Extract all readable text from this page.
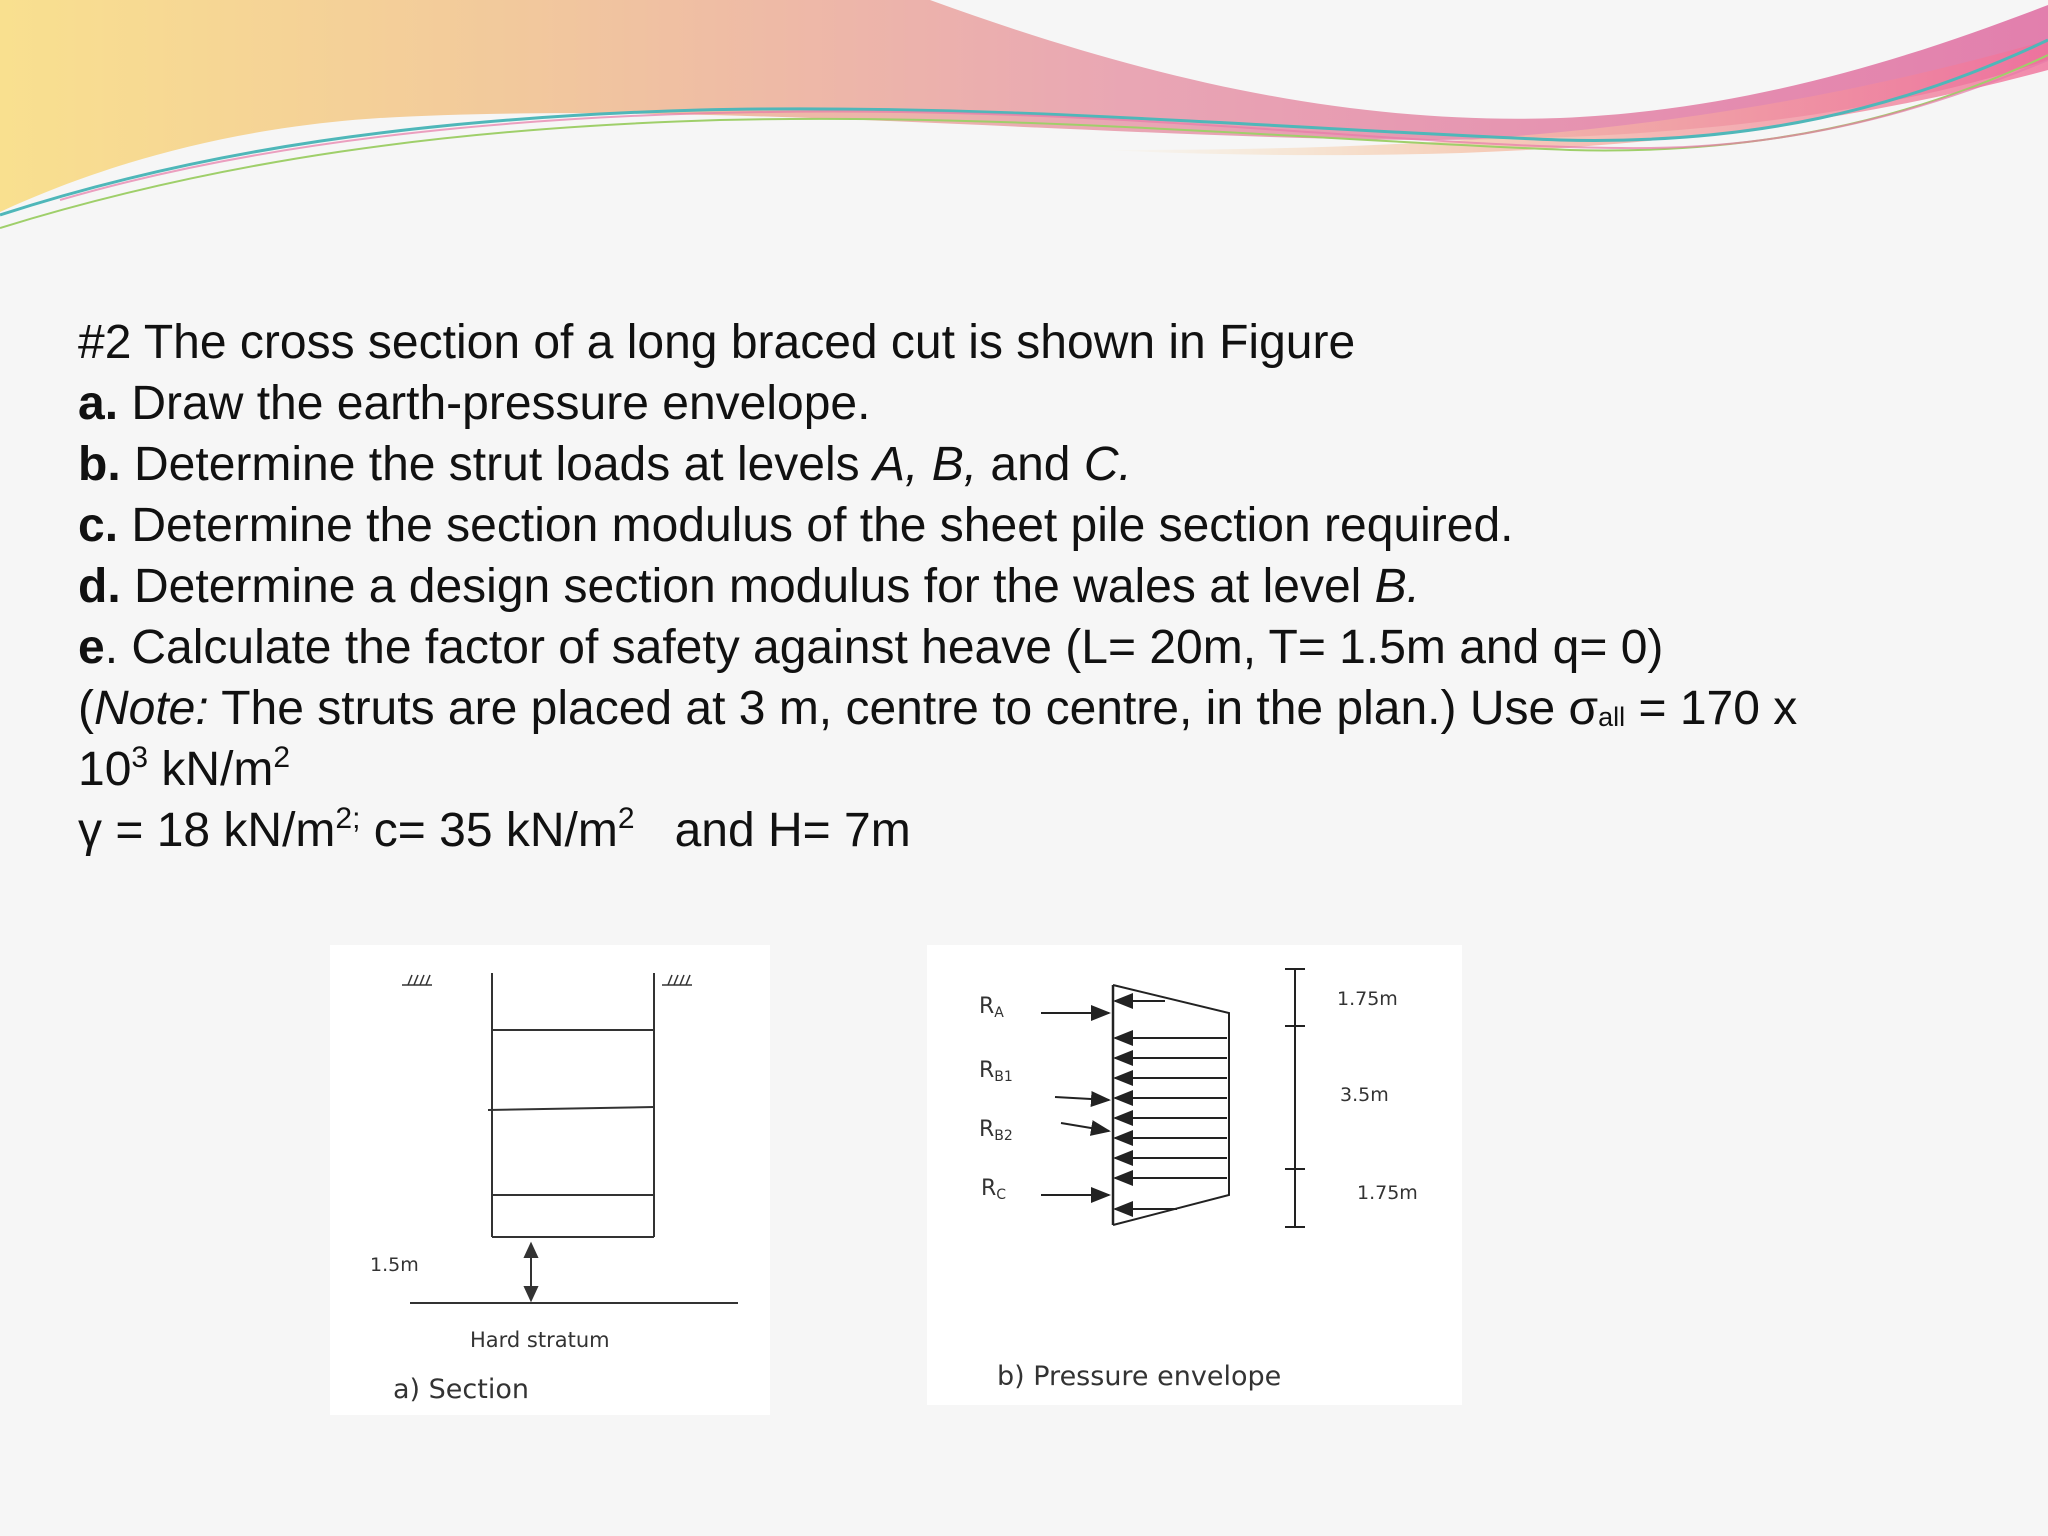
#2 The cross section of a long braced cut is shown in Figure
a. Draw the earth-pressure envelope.
b. Determine the strut loads at levels A, B, and C.
c. Determine the section modulus of the sheet pile section required.
d. Determine a design section modulus for the wales at level B.
e. Calculate the factor of safety against heave (L= 20m, T= 1.5m and q= 0)
(Note: The struts are placed at 3 m, centre to centre, in the plan.) Use $\sigma_{all} = 170$ x
$10^3$ $kN/m^2$
γ = 18 $kN/m^{2;}$ c= 35 $kN/m^2$   and H= 7m
1.5m
Hard stratum
a) Section
RA
RB1
RB2
RC
1.75m
3.5m
1.75m
b) Pressure envelope
